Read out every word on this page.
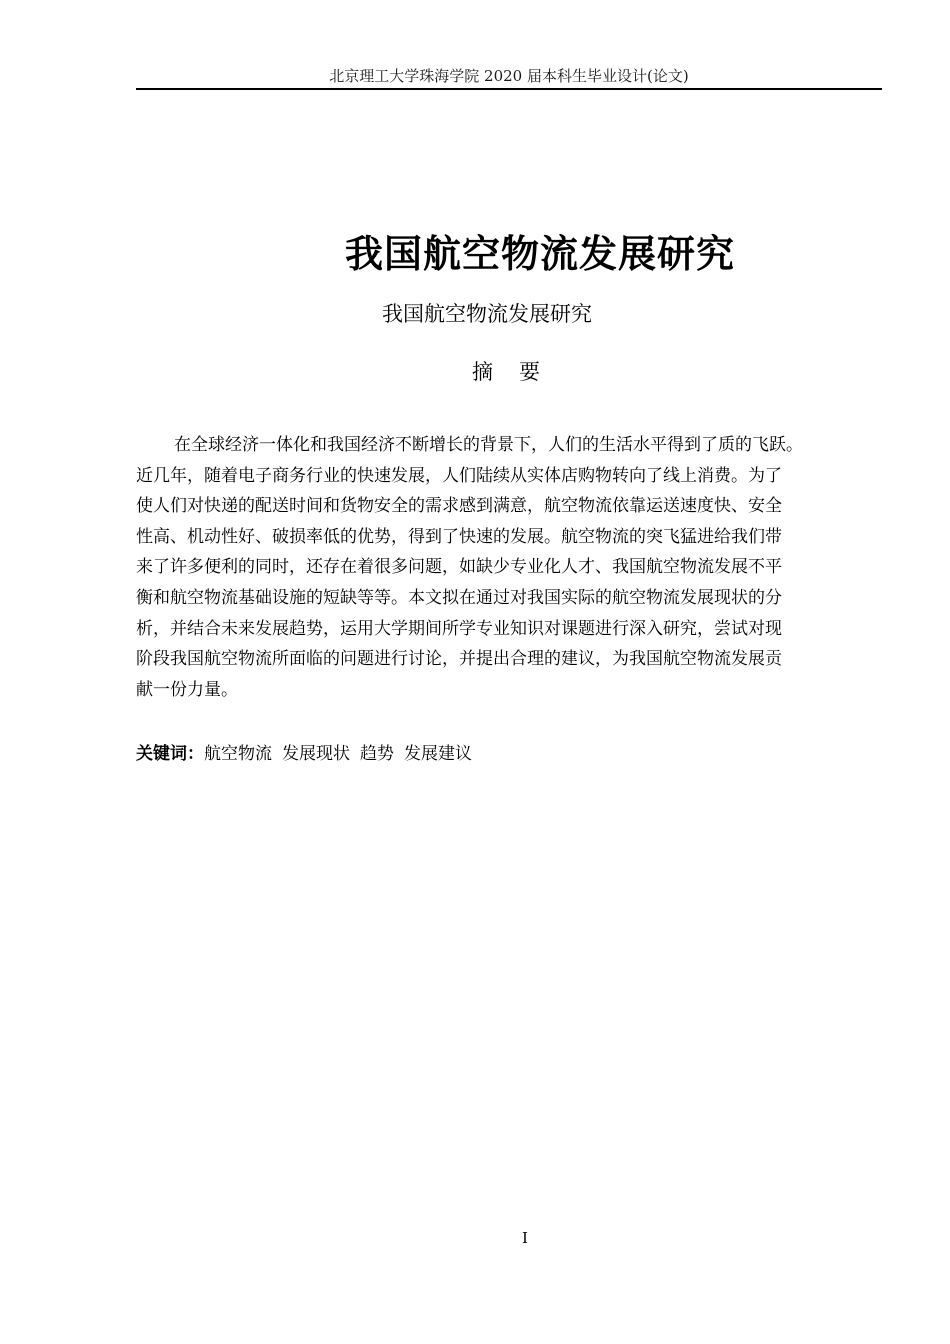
北京理工大学珠海学院 2020 届本科生毕业设计(论文)
我国航空物流发展研究
我国航空物流发展研究
摘要
在全球经济一体化和我国经济不断增长的背景下，人们的生活水平得到了质的飞跃。
近几年，随着电子商务行业的快速发展，人们陆续从实体店购物转向了线上消费。为了
使人们对快递的配送时间和货物安全的需求感到满意，航空物流依靠运送速度快、安全
性高、机动性好、破损率低的优势，得到了快速的发展。航空物流的突飞猛进给我们带
来了许多便利的同时，还存在着很多问题，如缺少专业化人才、我国航空物流发展不平
衡和航空物流基础设施的短缺等等。本文拟在通过对我国实际的航空物流发展现状的分
析，并结合未来发展趋势，运用大学期间所学专业知识对课题进行深入研究，尝试对现
阶段我国航空物流所面临的问题进行讨论，并提出合理的建议，为我国航空物流发展贡
献一份力量。
关键词：航空物流 发展现状 趋势 发展建议
I
